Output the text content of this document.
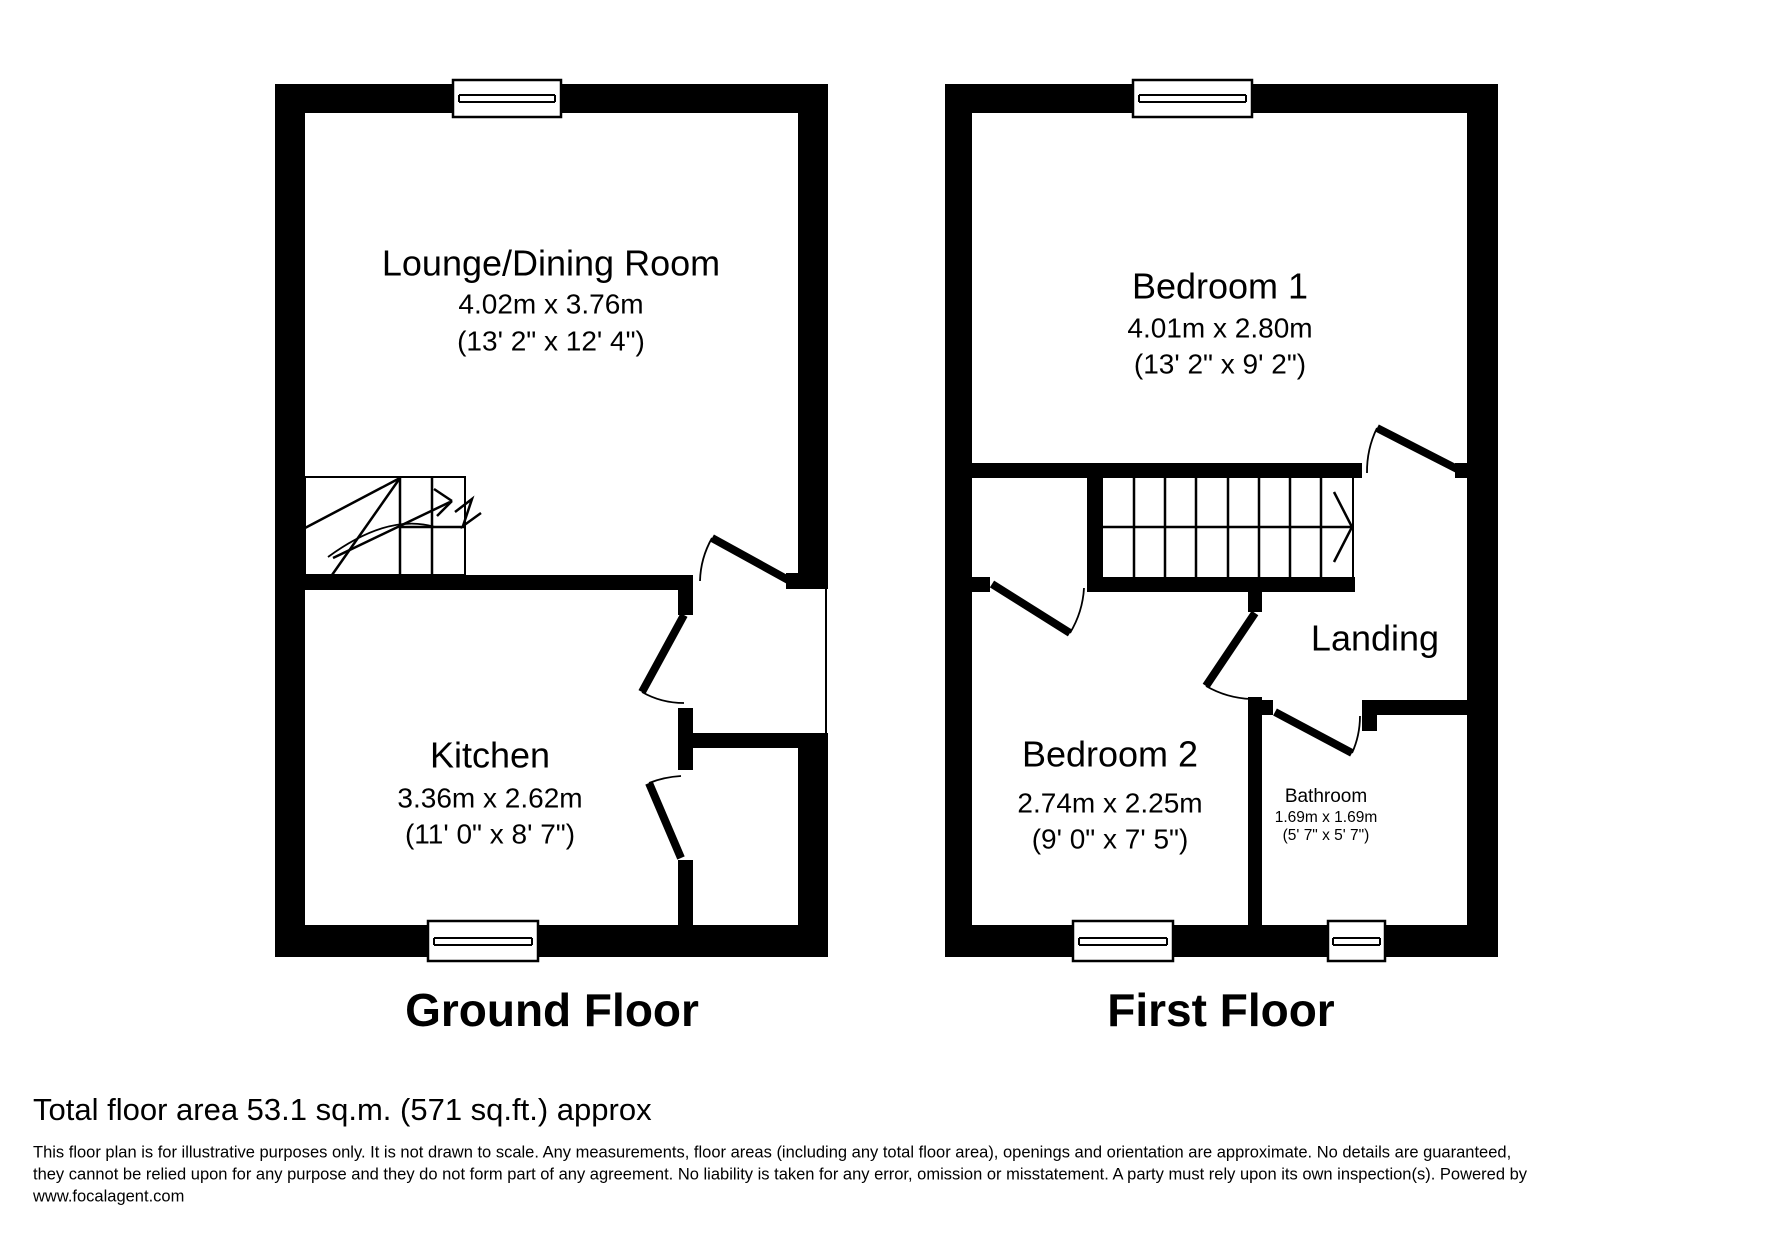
Lounge/Dining Room
4.02m x 3.76m
(13' 2" x 12' 4")
Kitchen
3.36m x 2.62m
(11' 0" x 8' 7")
Ground Floor
Bedroom 1
4.01m x 2.80m
(13' 2" x 9' 2")
Bedroom 2
2.74m x 2.25m
(9' 0" x 7' 5")
Bathroom
1.69m x 1.69m
(5' 7" x 5' 7")
Landing
First Floor
Total floor area 53.1 sq.m. (571 sq.ft.) approx
This floor plan is for illustrative purposes only. It is not drawn to scale. Any measurements, floor areas (including any total floor area), openings and orientation are approximate. No details are guaranteed,
they cannot be relied upon for any purpose and they do not form part of any agreement. No liability is taken for any error, omission or misstatement. A party must rely upon its own inspection(s). Powered by
www.focalagent.com
